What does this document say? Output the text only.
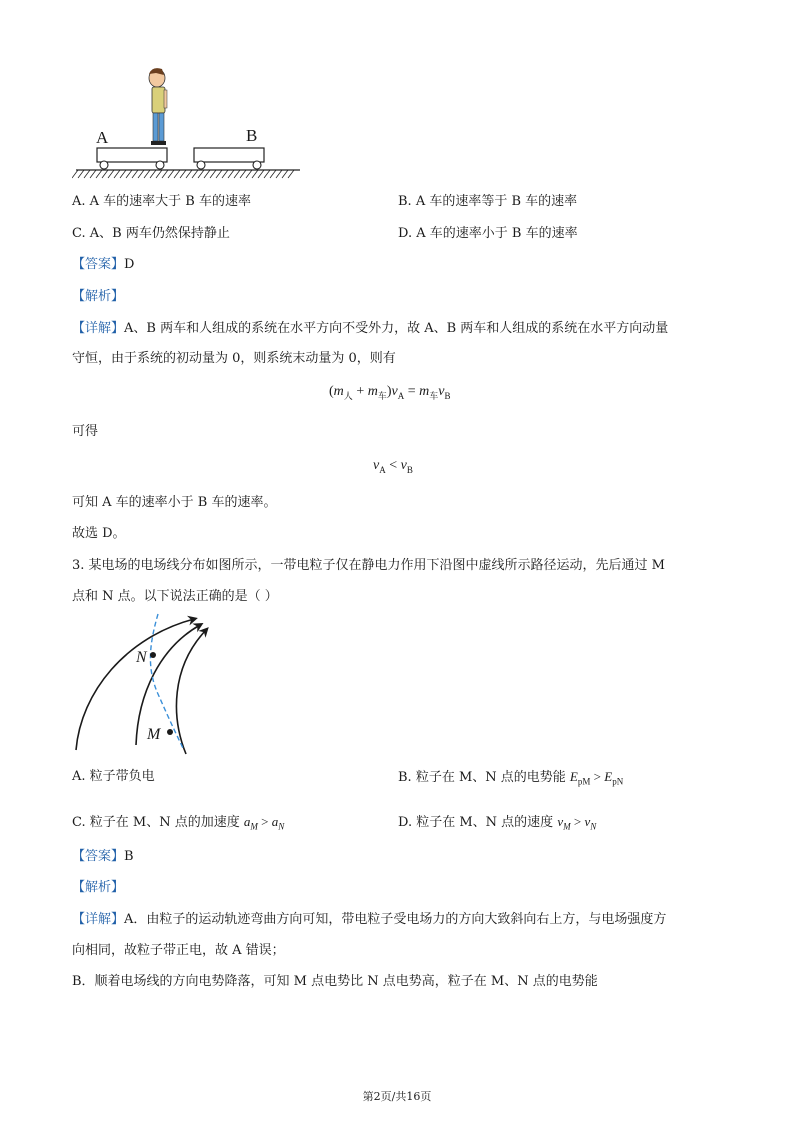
A	B
A. A 车的速率大于 B 车的速率	B. A 车的速率等于 B 车的速率
C. A、B 两车仍然保持静止	D. A 车的速率小于 B 车的速率
【答案】D
【解析】
【详解】A、B 两车和人组成的系统在水平方向不受外力，故 A、B 两车和人组成的系统在水平方向动量
守恒，由于系统的初动量为 0，则系统末动量为 0，则有
$(m_人 + m_车)v_A = m_车v_B$
可得
$v_A < v_B$
可知 A 车的速率小于 B 车的速率。
故选 D。
3. 某电场的电场线分布如图所示，一带电粒子仅在静电力作用下沿图中虚线所示路径运动，先后通过 M
点和 N 点。以下说法正确的是（ ）
N
M
A. 粒子带负电	B. 粒子在 M、N 点的电势能 $E_{pM} > E_{pN}$
C. 粒子在 M、N 点的加速度 $a_M > a_N$	D. 粒子在 M、N 点的速度 $v_M > v_N$
【答案】B
【解析】
【详解】A．由粒子的运动轨迹弯曲方向可知，带电粒子受电场力的方向大致斜向右上方，与电场强度方
向相同，故粒子带正电，故 A 错误；
B．顺着电场线的方向电势降落，可知 M 点电势比 N 点电势高，粒子在 M、N 点的电势能
第2页/共16页
